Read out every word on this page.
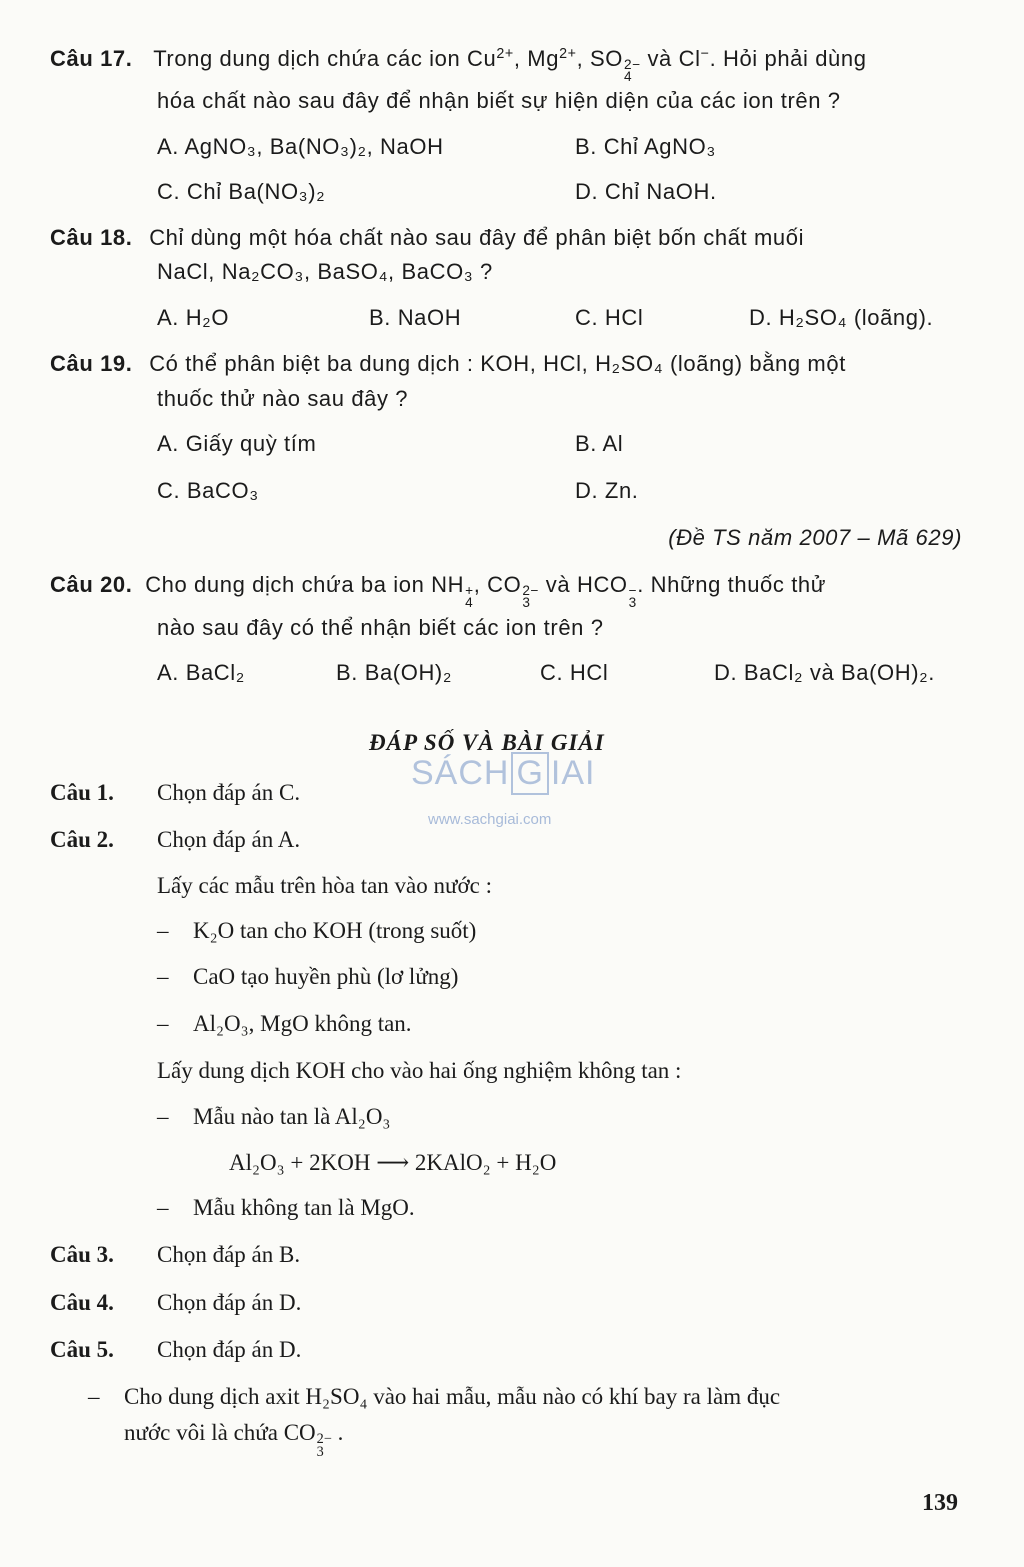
Câu 17. Trong dung dịch chứa các ion $Cu^{2+}$, $Mg^{2+}$, SO 2−
4
và Cl−. Hỏi phải dùng
hóa chất nào sau đây để nhận biết sự hiện diện của các ion trên ?
A. AgNO₃, Ba(NO₃)₂, NaOH	B. Chỉ AgNO₃
C. Chỉ Ba(NO₃)₂	D. Chỉ NaOH.
Câu 18. Chỉ dùng một hóa chất nào sau đây để phân biệt bốn chất muối
NaCl, Na₂CO₃, BaSO₄, BaCO₃ ?
A. H₂O	B. NaOH	C. HCl	D. H₂SO₄ (loãng).
Câu 19. Có thể phân biệt ba dung dịch : KOH, HCl, H₂SO₄ (loãng) bằng một
thuốc thử nào sau đây ?
A. Giấy quỳ tím	B. Al
C. BaCO₃	D. Zn.
(Đề TS năm 2007 – Mã 629)
Câu 20. Cho dung dịch chứa ba ion NH +
4
, CO 2−
3
và HCO −
3
. Những thuốc thử
nào sau đây có thể nhận biết các ion trên ?
A. BaCl₂	B. Ba(OH)₂	C. HCl	D. BaCl₂ và Ba(OH)₂.
ĐÁP SỐ VÀ BÀI GIẢI
SÁCH G IAI
www.sachgiai.com
Câu 1. Chọn đáp án C.
Câu 2. Chọn đáp án A.
Lấy các mẫu trên hòa tan vào nước :
– K₂O tan cho KOH (trong suốt)
– CaO tạo huyền phù (lơ lửng)
– Al₂O₃, MgO không tan.
Lấy dung dịch KOH cho vào hai ống nghiệm không tan :
– Mẫu nào tan là Al₂O₃
Al₂O₃ + 2KOH ⟶ 2KAlO₂ + H₂O
– Mẫu không tan là MgO.
Câu 3. Chọn đáp án B.
Câu 4. Chọn đáp án D.
Câu 5. Chọn đáp án D.
– Cho dung dịch axit H₂SO₄ vào hai mẫu, mẫu nào có khí bay ra làm đục
nước vôi là chứa CO 2−
3
.
139
